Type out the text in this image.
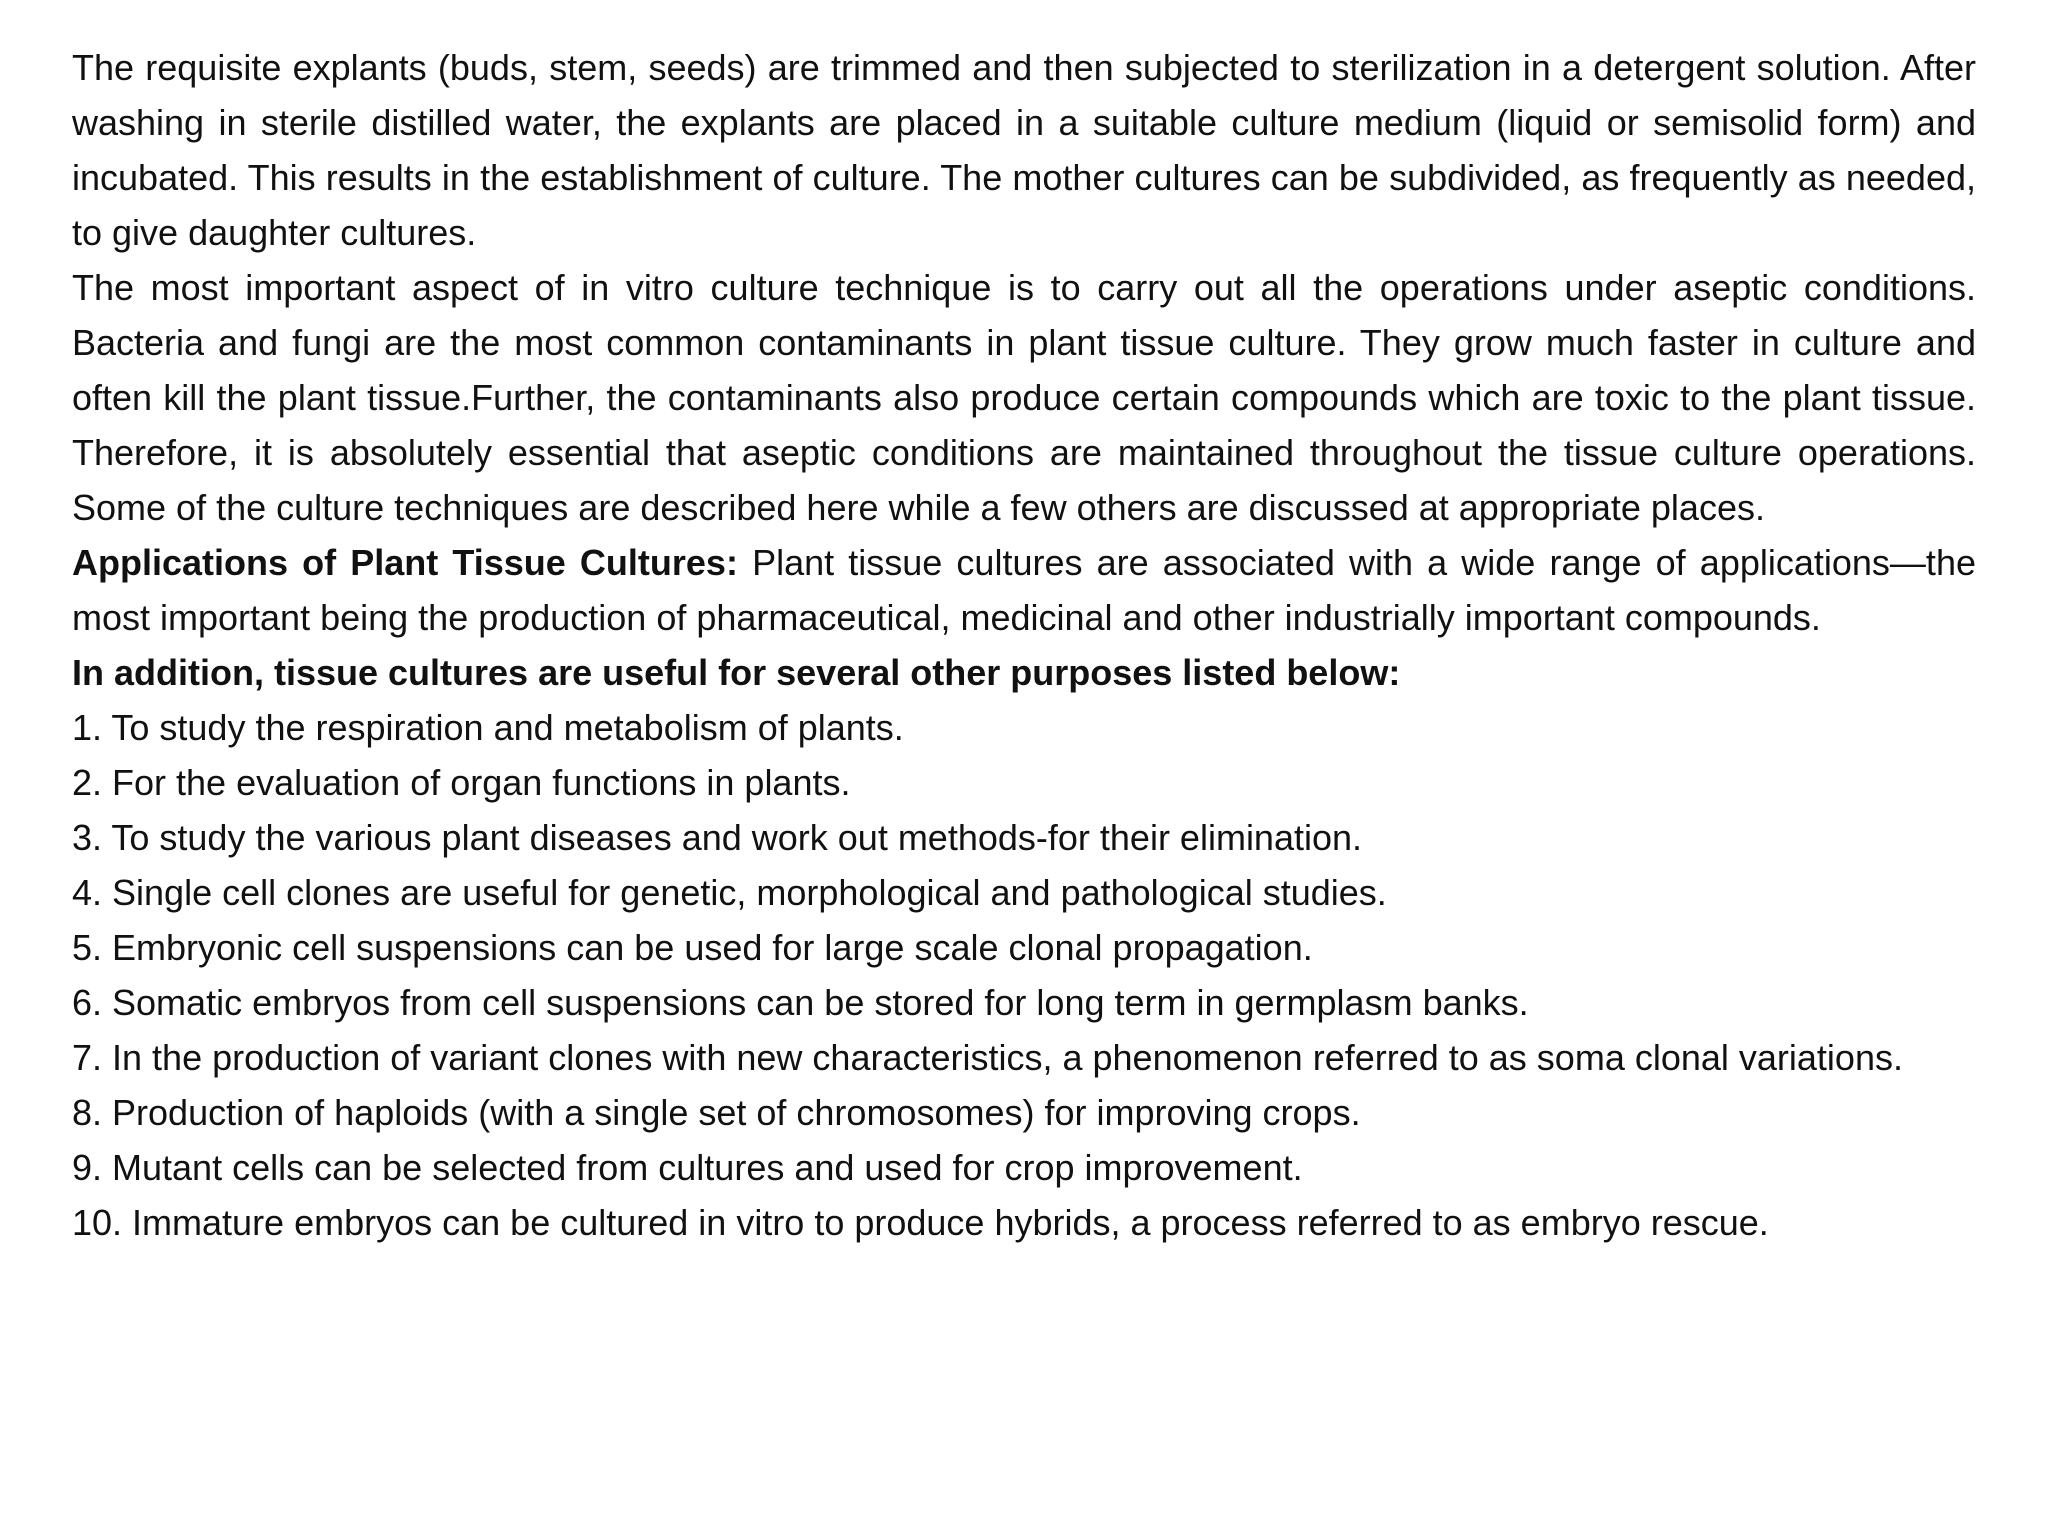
The requisite explants (buds, stem, seeds) are trimmed and then subjected to sterilization in a detergent solution. After washing in sterile distilled water, the explants are placed in a suitable culture medium (liquid or semisolid form) and incubated. This results in the establishment of culture. The mother cultures can be subdivided, as frequently as needed, to give daughter cultures.

The most important aspect of in vitro culture technique is to carry out all the operations under aseptic conditions. Bacteria and fungi are the most common contaminants in plant tissue culture. They grow much faster in culture and often kill the plant tissue.Further, the contaminants also produce certain compounds which are toxic to the plant tissue. Therefore, it is absolutely essential that aseptic conditions are maintained throughout the tissue culture operations. Some of the culture techniques are described here while a few others are discussed at appropriate places.

Applications of Plant Tissue Cultures: Plant tissue cultures are associated with a wide range of applications—the most important being the production of pharmaceutical, medicinal and other industrially important compounds.

In addition, tissue cultures are useful for several other purposes listed below:

1. To study the respiration and metabolism of plants.
2. For the evaluation of organ functions in plants.
3. To study the various plant diseases and work out methods-for their elimination.
4. Single cell clones are useful for genetic, morphological and pathological studies.
5. Embryonic cell suspensions can be used for large scale clonal propagation.
6. Somatic embryos from cell suspensions can be stored for long term in germplasm banks.
7. In the production of variant clones with new characteristics, a phenomenon referred to as soma clonal variations.
8. Production of haploids (with a single set of chromosomes) for improving crops.
9. Mutant cells can be selected from cultures and used for crop improvement.
10. Immature embryos can be cultured in vitro to produce hybrids, a process referred to as embryo rescue.
